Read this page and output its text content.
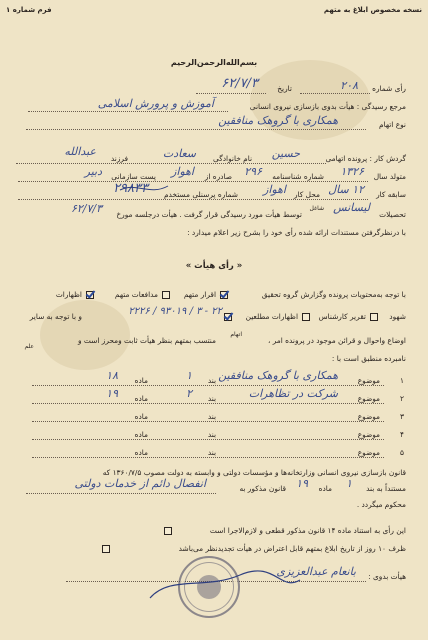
نسخه مخصوص ابلاغ به متهم
فرم شماره ۱
بسم‌الله‌الرحمن‌الرحیم
رأی شماره
۲۰۸
تاریخ
۶۲/۷/۳
مرجع رسیدگی : هیأت بدوی بازسازی نیروی انسانی
آموزش و پرورش اسلامی
نوع اتهام
همکاری با گروهک منافقین
گردش کار : پرونده اتهامی
حسین
نام خانوادگی
سعادت
فرزند
عبدالله
متولد سال
۱۳۲۶
شماره شناسنامه
۲۹۶
صادره از
اهواز
پست سازمانی
دبیر
سابقه کار
۱۲ سال
محل کار
اهواز
شماره پرسنلی مستخدم
۲۹۸۳۳
تحصیلات
لیسانس
شاغل
توسط هیأت مورد رسیدگی قرار گرفت . هیأت درجلسه مورخ
۶۲/۷/۳
با درنظرگرفتن مستندات ارائه شده رأی خود را بشرح زیر اعلام میدارد :
« رأی هیأت »
با توجه به‌محتویات پرونده وگزارش گروه تحقیق
اقرار متهم
مدافعات متهم
اظهارات
شهود
تقریر کارشناس
اظهارات مطلعین
۲۲ - ۳ / ۹۳۰۱۹ / ۲۲۲۶
و با توجه به سایر
اوضاع واحوال و قرائن موجود در پرونده امر ،
اتهام
منتسب بمتهم بنظر هیأت ثابت ومحرز است و
علم
نامبرده منطبق است با :
۱
موضوع
همکاری با گروهک منافقین
بند
۱
ماده
۱۸
۲
موضوع
شرکت در تظاهرات
بند
۲
ماده
۱۹
۳
موضوع
بند
ماده
۴
موضوع
بند
ماده
۵
موضوع
بند
ماده
قانون بازسازی نیروی انسانی وزارتخانه‌ها و مؤسسات دولتی و وابسته به دولت مصوب ۱۳۶۰/۷/۵ که
مستنداً به بند
۱
ماده
۱۹
قانون مذکور به
انفصال دائم از خدمات دولتی
محکوم میگردد .
این رأی به استناد ماده ۱۴ قانون مذکور قطعی و لازم‌الاجرا است
ظرف ۱۰ روز از تاریخ ابلاغ بمتهم قابل اعتراض در هیأت تجدیدنظر می‌باشد
هیأت بدوی :
بانعام عبدالعزیزی
